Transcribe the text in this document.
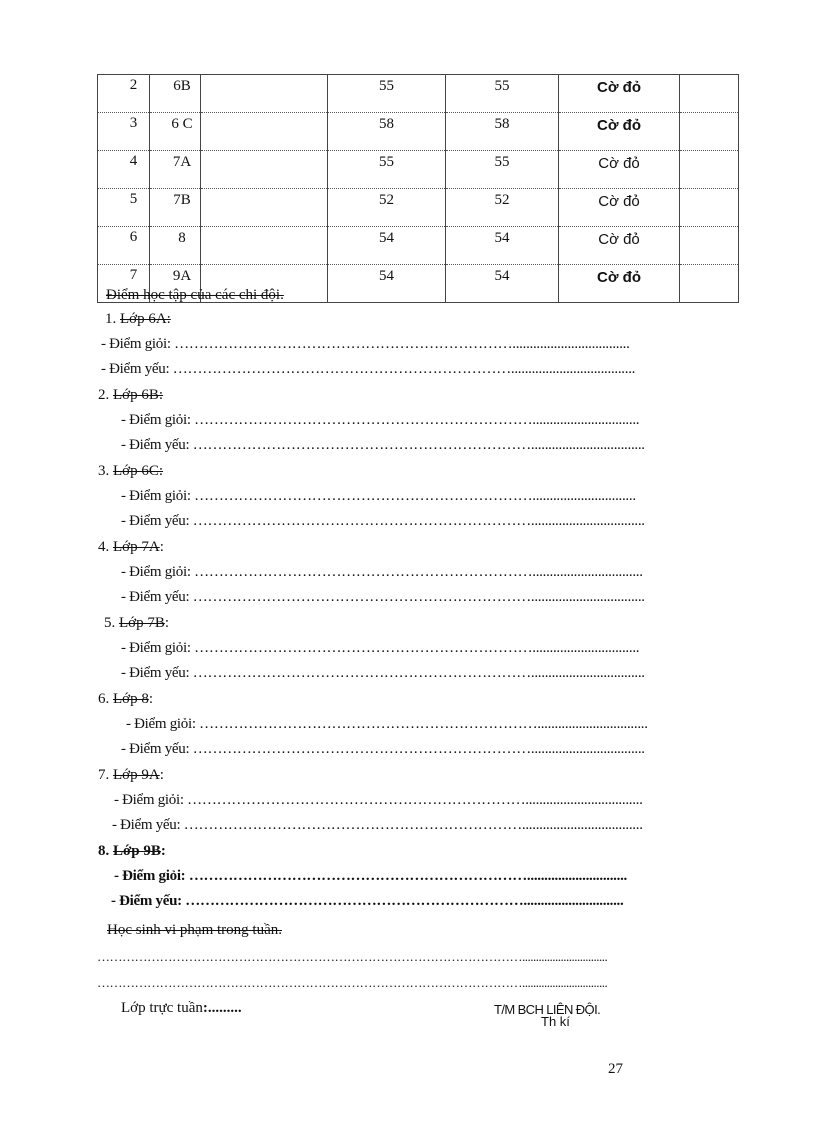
2	6B		55	55	Cờ đỏ	
3	6 C		58	58	Cờ đỏ	
4	7A		55	55	Cờ đỏ	
5	7B		52	52	Cờ đỏ	
6	8		54	54	Cờ đỏ	
7	9A		54	54	Cờ đỏ	
Điểm học tập của các chi đội.
1. Lớp 6A:
- Điểm giỏi: ……………………………………………………………..................................
- Điểm yếu: ……………………………………………………………....................................
2. Lớp 6B:
- Điểm giỏi: ……………………………………………………………...............................
- Điểm yếu: …………………………………………………………….................................
3. Lớp 6C:
- Điểm giỏi: ……………………………………………………………..............................
- Điểm yếu: …………………………………………………………….................................
4. Lớp 7A:
- Điểm giỏi: ……………………………………………………………................................
- Điểm yếu: …………………………………………………………….................................
5. Lớp 7B:
- Điểm giỏi: ……………………………………………………………...............................
- Điểm yếu: …………………………………………………………….................................
6. Lớp 8:
- Điểm giỏi: ……………………………………………………………................................
- Điểm yếu: …………………………………………………………….................................
7. Lớp 9A:
- Điểm giỏi: ……………………………………………………………..................................
- Điểm yếu: ……………………………………………………………...................................
8. Lớp 9B:
- Điểm giỏi: …………………………………………………………….............................
- Điểm yếu: …………………………………………………………….............................
Học sinh vi phạm trong tuần.
…………………………………………………………………………………………...............................
…………………………………………………………………………………………...............................
Lớp trực tuần:.........	T/M BCH LIÊN ĐỘI.
Th kí
27
